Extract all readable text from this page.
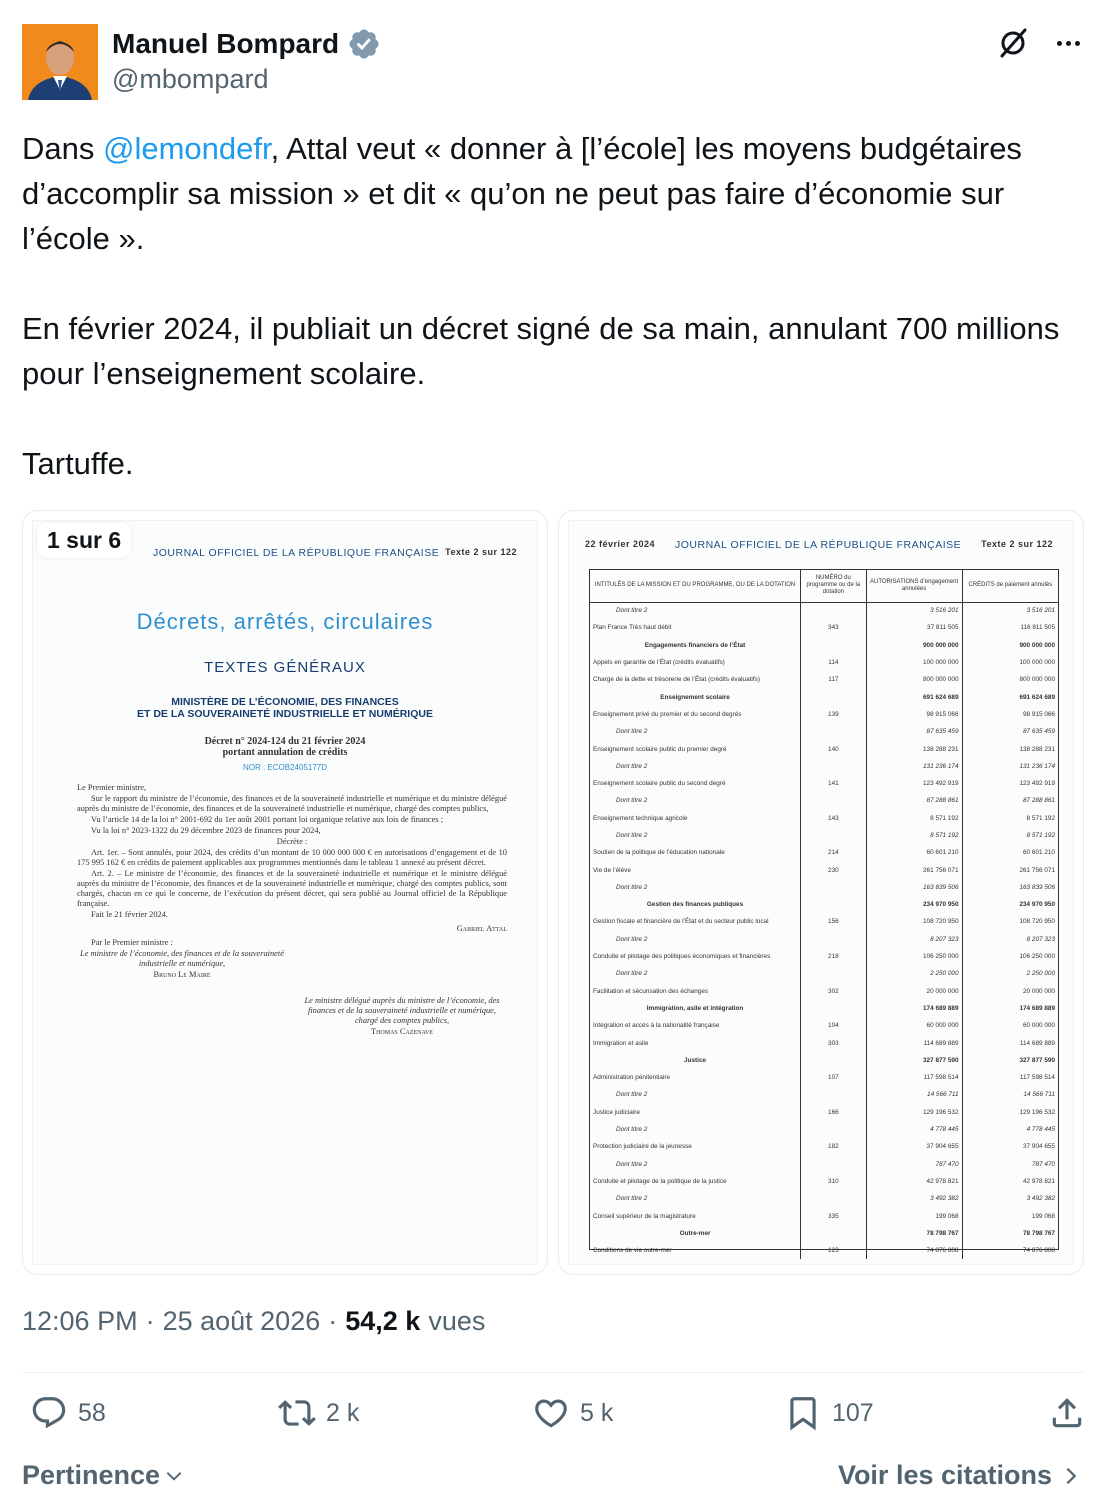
Manuel Bompard
@mbompard

Dans @lemondefr, Attal veut « donner à [l’école] les moyens budgétaires d’accomplir sa mission » et dit « qu’on ne peut pas faire d’économie sur l’école ».

En février 2024, il publiait un décret signé de sa main, annulant 700 millions pour l’enseignement scolaire.

Tartuffe.

1 sur 6	JOURNAL OFFICIEL DE LA RÉPUBLIQUE FRANÇAISE Texte 2 sur 122
Décrets, arrêtés, circulaires
TEXTES GÉNÉRAUX
MINISTÈRE DE L’ÉCONOMIE, DES FINANCES
ET DE LA SOUVERAINETÉ INDUSTRIELLE ET NUMÉRIQUE
Décret n° 2024-124 du 21 février 2024
portant annulation de crédits
NOR : ECOB2405177D

Le Premier ministre,

Sur le rapport du ministre de l’économie, des finances et de la souveraineté industrielle et numérique et du ministre délégué auprès du ministre de l’économie, des finances et de la souveraineté industrielle et numérique, chargé des comptes publics,

Vu l’article 14 de la loi n° 2001-692 du 1er août 2001 portant loi organique relative aux lois de finances ;

Vu la loi n° 2023-1322 du 29 décembre 2023 de finances pour 2024,

Décrète :

Art. 1er. – Sont annulés, pour 2024, des crédits d’un montant de 10 000 000 000 € en autorisations d’engagement et de 10 175 995 162 € en crédits de paiement applicables aux programmes mentionnés dans le tableau 1 annexé au présent décret.

Art. 2. – Le ministre de l’économie, des finances et de la souveraineté industrielle et numérique et le ministre délégué auprès du ministre de l’économie, des finances et de la souveraineté industrielle et numérique, chargé des comptes publics, sont chargés, chacun en ce qui le concerne, de l’exécution du présent décret, qui sera publié au Journal officiel de la République française.

Fait le 21 février 2024.

Gabriel Attal

Par le Premier ministre :

Le ministre de l’économie, des finances et de la souveraineté industrielle et numérique,

Bruno Le Maire

Le ministre délégué auprès du ministre de l’économie, des finances et de la souveraineté industrielle et numérique, chargé des comptes publics,

Thomas Cazenave

22 février 2024 JOURNAL OFFICIEL DE LA RÉPUBLIQUE FRANÇAISE Texte 2 sur 122
INTITULÉS DE LA MISSION ET DU PROGRAMME, OU DE LA DOTATION	NUMÉRO du programme ou de la dotation	AUTORISATIONS d’engagement annulées	CRÉDITS de paiement annulés
Dont titre 2		3 516 201	3 516 201
Plan France Très haut débit	343	37 811 505	116 811 505
Engagements financiers de l’État		900 000 000	900 000 000
Appels en garantie de l’État (crédits évaluatifs)	114	100 000 000	100 000 000
Charge de la dette et trésorerie de l’État (crédits évaluatifs)	117	800 000 000	800 000 000
Enseignement scolaire		691 624 689	691 624 689
Enseignement privé du premier et du second degrés	139	98 915 066	98 915 066
Dont titre 2		87 635 459	87 635 459
Enseignement scolaire public du premier degré	140	138 288 231	138 288 231
Dont titre 2		131 236 174	131 236 174
Enseignement scolaire public du second degré	141	123 492 919	123 492 919
Dont titre 2		87 288 861	87 288 861
Enseignement technique agricole	143	8 571 192	8 571 192
Dont titre 2		8 571 192	8 571 192
Soutien de la politique de l’éducation nationale	214	60 601 210	60 601 210
Vie de l’élève	230	261 756 071	261 756 071
Dont titre 2		163 839 506	163 839 506
Gestion des finances publiques		234 970 950	234 970 950
Gestion fiscale et financière de l’État et du secteur public local	156	108 720 950	108 720 950
Dont titre 2		8 207 323	8 207 323
Conduite et pilotage des politiques économiques et financières	218	106 250 000	106 250 000
Dont titre 2		2 250 000	2 250 000
Facilitation et sécurisation des échanges	302	20 000 000	20 000 000
Immigration, asile et intégration		174 689 889	174 689 889
Intégration et accès à la nationalité française	104	60 000 000	60 000 000
Immigration et asile	303	114 689 889	114 689 889
Justice		327 877 590	327 877 590
Administration pénitentiaire	107	117 598 514	117 598 514
Dont titre 2		14 566 711	14 566 711
Justice judiciaire	166	129 196 532	129 196 532
Dont titre 2		4 778 445	4 778 445
Protection judiciaire de la jeunesse	182	37 904 655	37 904 655
Dont titre 2		787 470	787 470
Conduite et pilotage de la politique de la justice	310	42 978 821	42 978 821
Dont titre 2		3 492 382	3 492 382
Conseil supérieur de la magistrature	335	199 068	199 068
Outre-mer		78 798 767	78 798 767
Conditions de vie outre-mer	123	74 876 808	74 876 808
12:06 PM · 25 août 2026 · 54,2 k vues
58	2 k	5 k	107
Pertinence	Voir les citations
